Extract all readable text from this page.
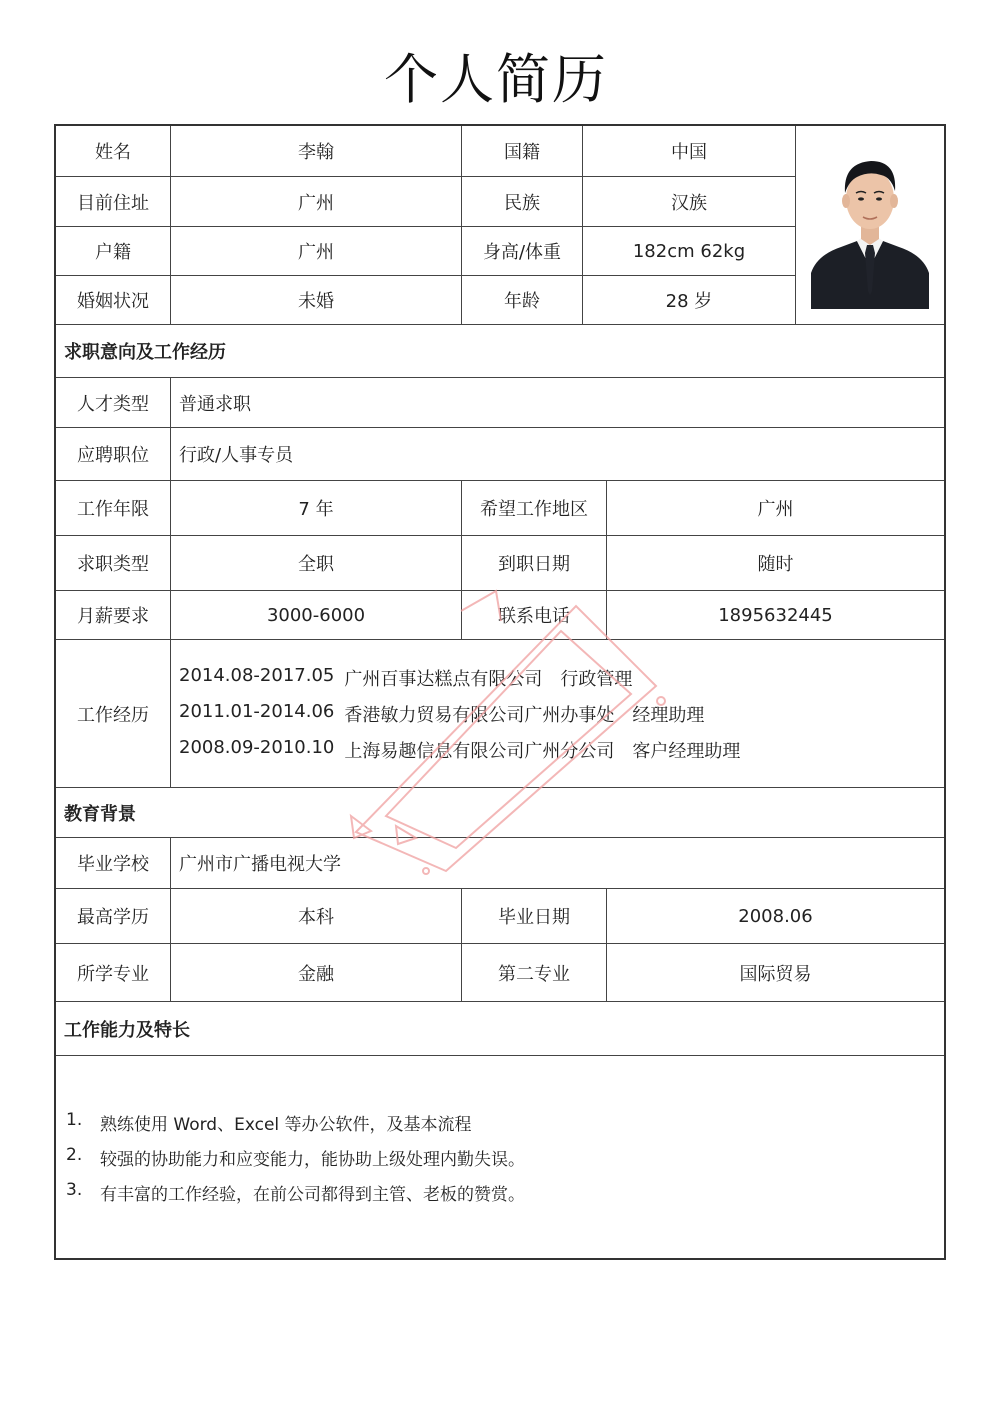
个人简历
姓名	李翰	国籍	中国
目前住址	广州	民族	汉族
户籍	广州	身高/体重	182cm 62kg
婚姻状况	未婚	年龄	28 岁
求职意向及工作经历
人才类型	普通求职
应聘职位	行政/人事专员
工作年限	7 年	希望工作地区	广州
求职类型	全职	到职日期	随时
月薪要求	3000-6000	联系电话	1895632445
工作经历
2014.08-2017.05 广州百事达糕点有限公司 行政管理
2011.01-2014.06 香港敏力贸易有限公司广州办事处 经理助理
2008.09-2010.10 上海易趣信息有限公司广州分公司 客户经理助理
教育背景
毕业学校	广州市广播电视大学
最高学历	本科	毕业日期	2008.06
所学专业	金融	第二专业	国际贸易
工作能力及特长
1.	熟练使用 Word、Excel 等办公软件，及基本流程
2.	较强的协助能力和应变能力，能协助上级处理内勤失误。
3.	有丰富的工作经验，在前公司都得到主管、老板的赞赏。
